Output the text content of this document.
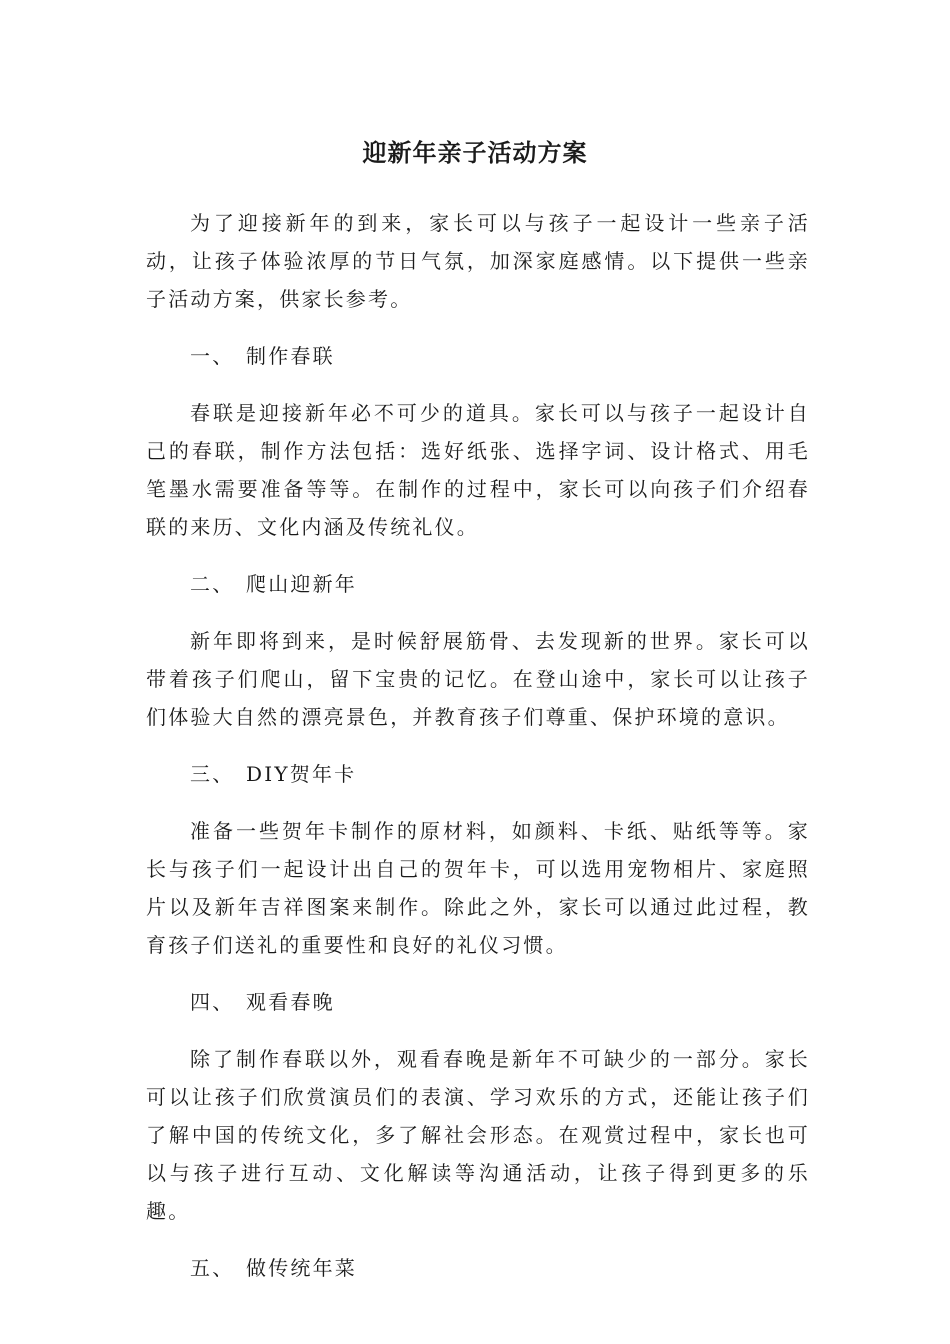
迎新年亲子活动方案

为了迎接新年的到来，家长可以与孩子一起设计一些亲子活动，让孩子体验浓厚的节日气氛，加深家庭感情。以下提供一些亲子活动方案，供家长参考。

一、 制作春联

春联是迎接新年必不可少的道具。家长可以与孩子一起设计自己的春联，制作方法包括：选好纸张、选择字词、设计格式、用毛笔墨水需要准备等等。在制作的过程中，家长可以向孩子们介绍春联的来历、文化内涵及传统礼仪。

二、 爬山迎新年

新年即将到来，是时候舒展筋骨、去发现新的世界。家长可以带着孩子们爬山，留下宝贵的记忆。在登山途中，家长可以让孩子们体验大自然的漂亮景色，并教育孩子们尊重、保护环境的意识。

三、 DIY贺年卡

准备一些贺年卡制作的原材料，如颜料、卡纸、贴纸等等。家长与孩子们一起设计出自己的贺年卡，可以选用宠物相片、家庭照片以及新年吉祥图案来制作。除此之外，家长可以通过此过程，教育孩子们送礼的重要性和良好的礼仪习惯。

四、 观看春晚

除了制作春联以外，观看春晚是新年不可缺少的一部分。家长可以让孩子们欣赏演员们的表演、学习欢乐的方式，还能让孩子们了解中国的传统文化，多了解社会形态。在观赏过程中，家长也可以与孩子进行互动、文化解读等沟通活动，让孩子得到更多的乐趣。

五、 做传统年菜
